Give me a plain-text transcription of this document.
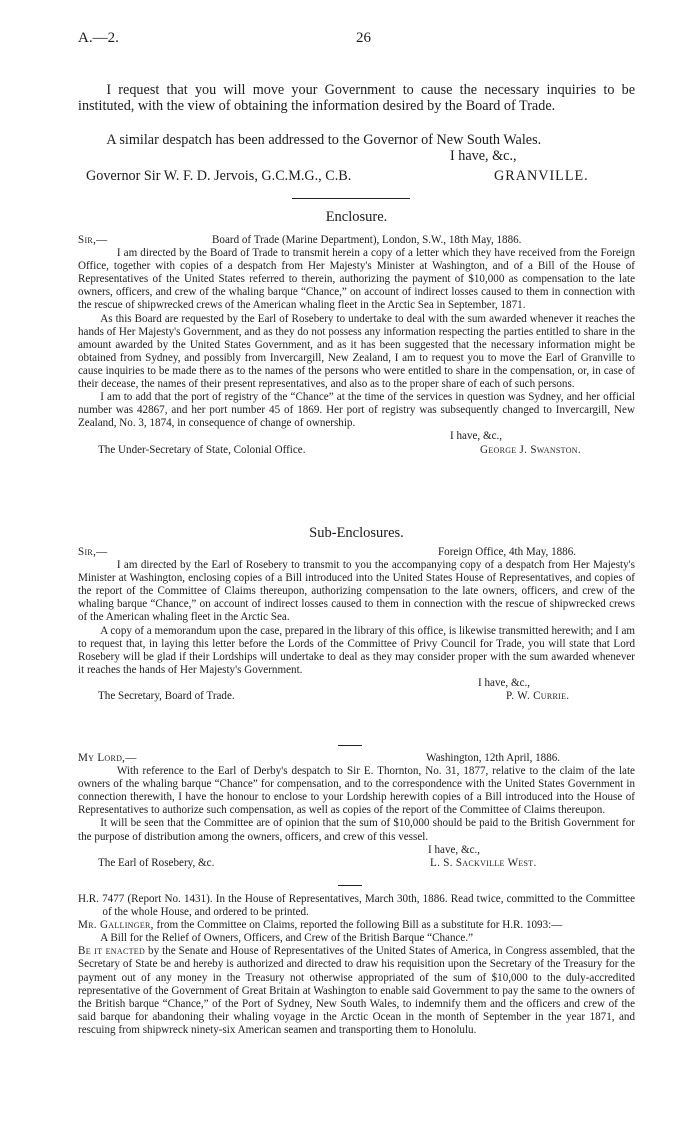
A.—2.	26

I request that you will move your Government to cause the necessary inquiries to be instituted, with the view of obtaining the information desired by the Board of Trade.

A similar despatch has been addressed to the Governor of New South Wales.

I have, &c.,
Governor Sir W. F. D. Jervois, G.C.M.G., C.B.	GRANVILLE.
Enclosure.
Sir,—	Board of Trade (Marine Department), London, S.W., 18th May, 1886.

I am directed by the Board of Trade to transmit herein a copy of a letter which they have received from the Foreign Office, together with copies of a despatch from Her Majesty's Minister at Washington, and of a Bill of the House of Representatives of the United States referred to therein, authorizing the payment of $10,000 as compensation to the late owners, officers, and crew of the whaling barque “Chance,” on account of indirect losses caused to them in connection with the rescue of shipwrecked crews of the American whaling fleet in the Arctic Sea in September, 1871.

As this Board are requested by the Earl of Rosebery to undertake to deal with the sum awarded whenever it reaches the hands of Her Majesty's Government, and as they do not possess any information respecting the parties entitled to share in the amount awarded by the United States Government, and as it has been suggested that the necessary information might be obtained from Sydney, and possibly from Invercargill, New Zealand, I am to request you to move the Earl of Granville to cause inquiries to be made there as to the names of the persons who were entitled to share in the compensation, or, in case of their decease, the names of their present representatives, and also as to the proper share of each of such persons.

I am to add that the port of registry of the “Chance” at the time of the services in question was Sydney, and her official number was 42867, and her port number 45 of 1869. Her port of registry was subsequently changed to Invercargill, New Zealand, No. 3, 1874, in consequence of change of ownership.

I have, &c.,
The Under-Secretary of State, Colonial Office.	George J. Swanston.
Sub-Enclosures.
Sir,—	Foreign Office, 4th May, 1886.

I am directed by the Earl of Rosebery to transmit to you the accompanying copy of a despatch from Her Majesty's Minister at Washington, enclosing copies of a Bill introduced into the United States House of Representatives, and copies of the report of the Committee of Claims thereupon, authorizing compensation to the late owners, officers, and crew of the whaling barque “Chance,” on account of indirect losses caused to them in connection with the rescue of shipwrecked crews of the American whaling fleet in the Arctic Sea.

A copy of a memorandum upon the case, prepared in the library of this office, is likewise transmitted herewith; and I am to request that, in laying this letter before the Lords of the Committee of Privy Council for Trade, you will state that Lord Rosebery will be glad if their Lordships will undertake to deal as they may consider proper with the sum awarded whenever it reaches the hands of Her Majesty's Government.

I have, &c.,
The Secretary, Board of Trade.	P. W. Currie.
My Lord,—	Washington, 12th April, 1886.

With reference to the Earl of Derby's despatch to Sir E. Thornton, No. 31, 1877, relative to the claim of the late owners of the whaling barque “Chance” for compensation, and to the correspondence with the United States Government in connection therewith, I have the honour to enclose to your Lordship herewith copies of a Bill introduced into the House of Representatives to authorize such compensation, as well as copies of the report of the Committee of Claims thereupon.

It will be seen that the Committee are of opinion that the sum of $10,000 should be paid to the British Government for the purpose of distribution among the owners, officers, and crew of this vessel.

I have, &c.,
The Earl of Rosebery, &c.	L. S. Sackville West.

H.R. 7477 (Report No. 1431). In the House of Representatives, March 30th, 1886. Read twice, committed to the Committee of the whole House, and ordered to be printed.

Mr. Gallinger, from the Committee on Claims, reported the following Bill as a substitute for H.R. 1093:—

A Bill for the Relief of Owners, Officers, and Crew of the British Barque “Chance.”

Be it enacted by the Senate and House of Representatives of the United States of America, in Congress assembled, that the Secretary of State be and hereby is authorized and directed to draw his requisition upon the Secretary of the Treasury for the payment out of any money in the Treasury not otherwise appropriated of the sum of $10,000 to the duly-accredited representative of the Government of Great Britain at Washington to enable said Government to pay the same to the owners of the British barque “Chance,” of the Port of Sydney, New South Wales, to indemnify them and the officers and crew of the said barque for abandoning their whaling voyage in the Arctic Ocean in the month of September in the year 1871, and rescuing from shipwreck ninety-six American seamen and transporting them to Honolulu.
